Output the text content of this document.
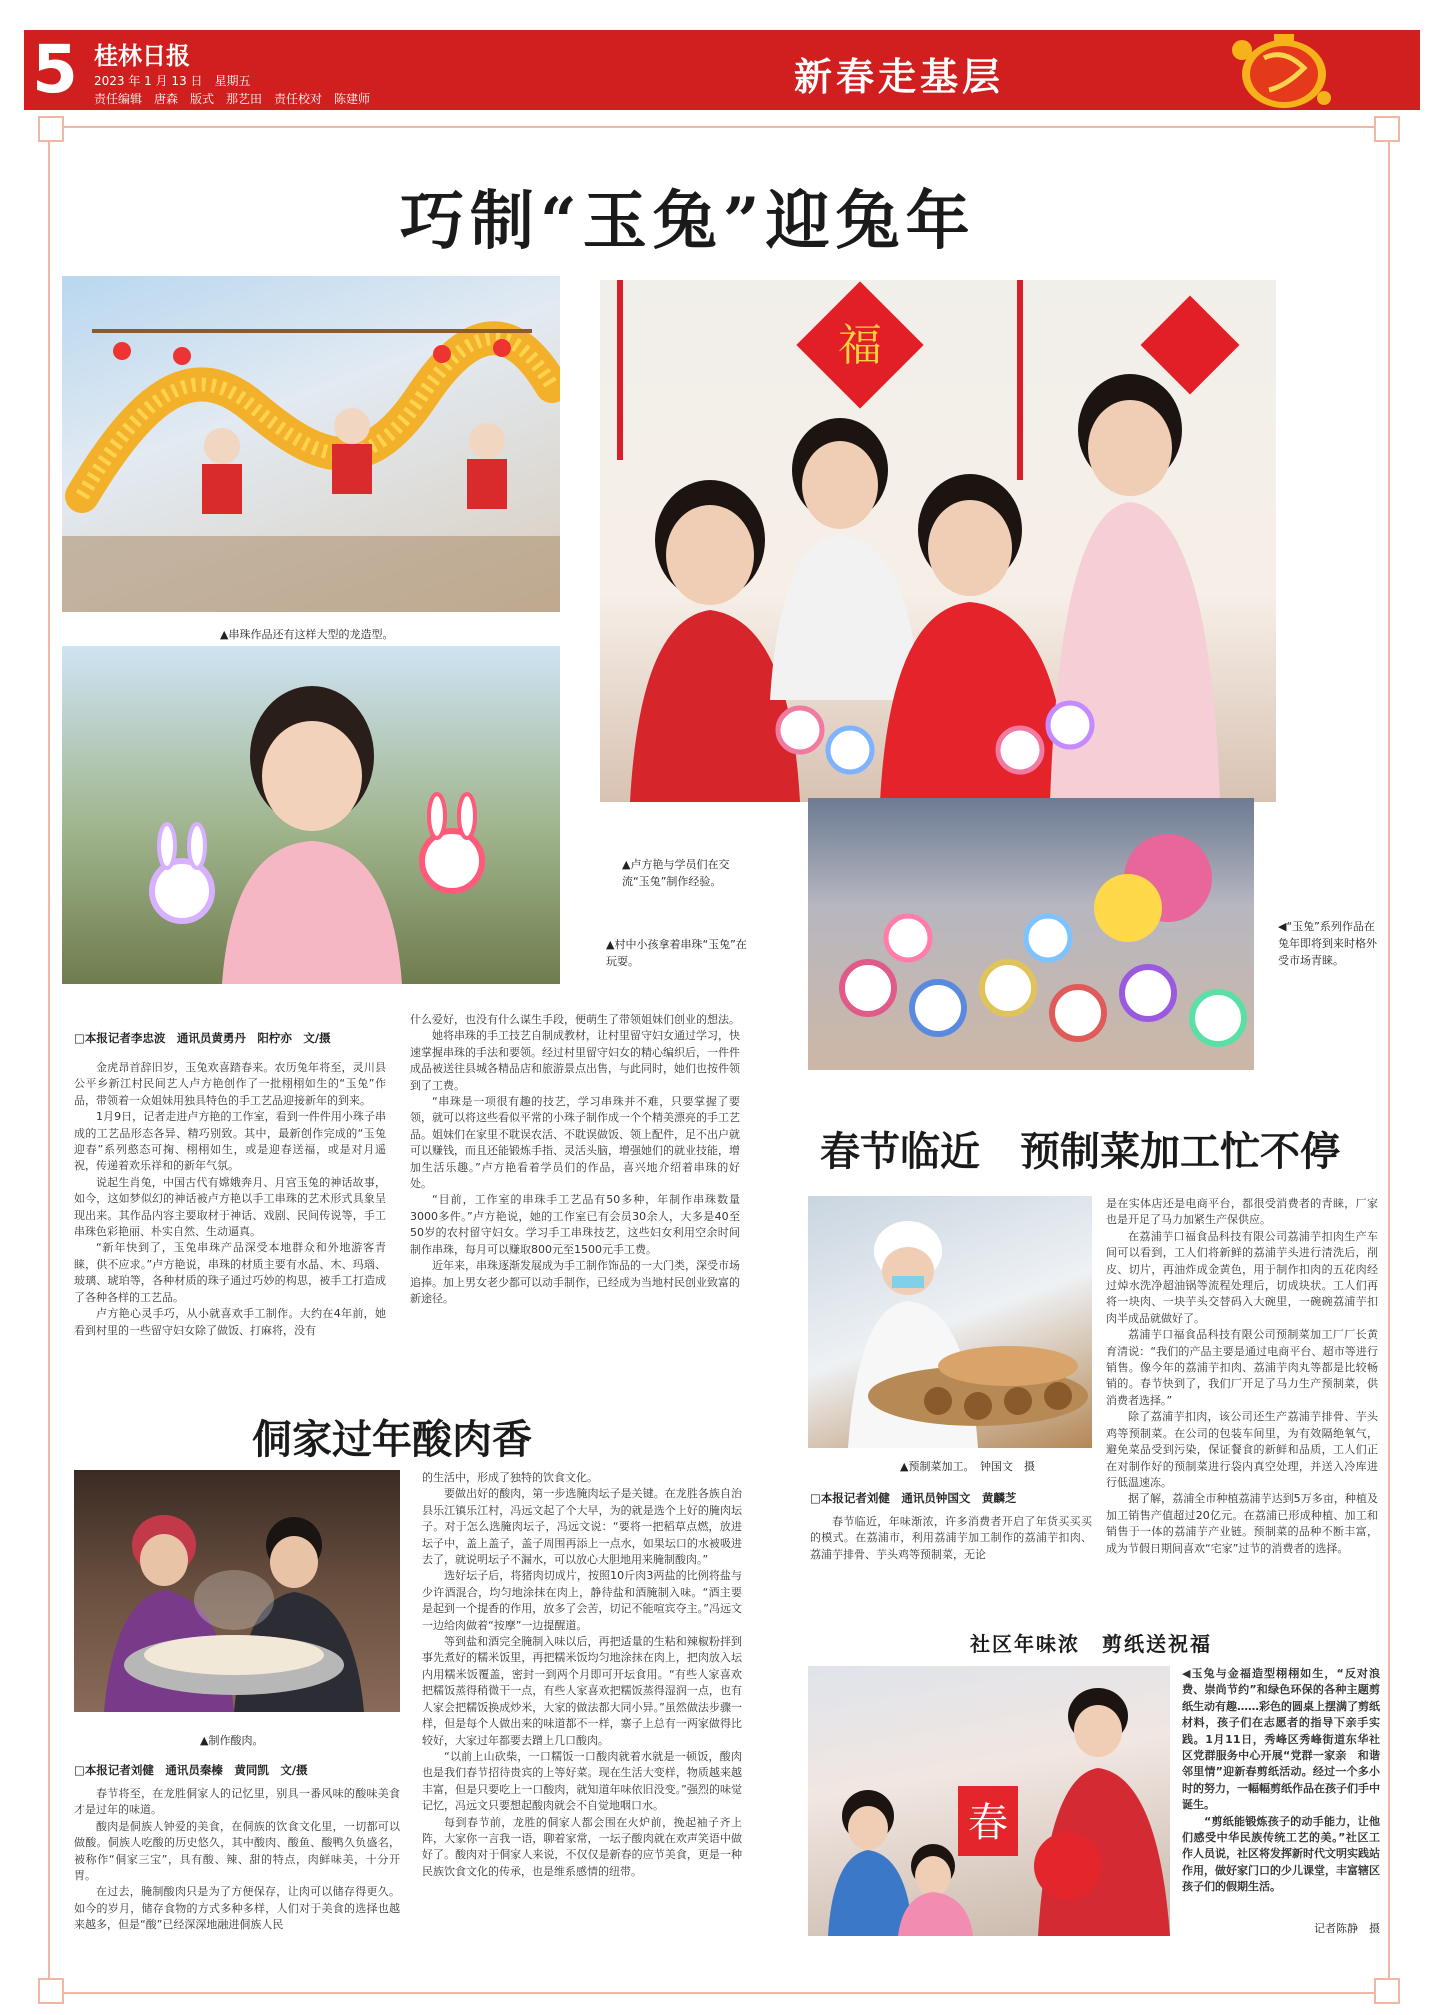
5 桂林日报
2023 年 1 月 13 日　星期五
责任编辑　唐森　版式　那艺田　责任校对　陈建师	新春走基层
巧制“玉兔”迎兔年
▲串珠作品还有这样大型的龙造型。
福
▲卢方艳与学员们在交流“玉兔”制作经验。
▲村中小孩拿着串珠“玉兔”在玩耍。
◀“玉兔”系列作品在兔年即将到来时格外受市场青睐。
□本报记者李忠波　通讯员黄勇丹　阳柠亦　文/摄

金虎昂首辞旧岁，玉兔欢喜踏春来。农历兔年将至，灵川县公平乡新江村民间艺人卢方艳创作了一批栩栩如生的“玉兔”作品，带领着一众姐妹用独具特色的手工艺品迎接新年的到来。

1月9日，记者走进卢方艳的工作室，看到一件件用小珠子串成的工艺品形态各异、精巧别致。其中，最新创作完成的“玉兔迎春”系列憨态可掬、栩栩如生，或是迎春送福，或是对月遥祝，传递着欢乐祥和的新年气氛。

说起生肖兔，中国古代有嫦娥奔月、月宫玉兔的神话故事，如今，这如梦似幻的神话被卢方艳以手工串珠的艺术形式具象呈现出来。其作品内容主要取材于神话、戏剧、民间传说等，手工串珠色彩艳丽、朴实自然、生动逼真。

“新年快到了，玉兔串珠产品深受本地群众和外地游客青睐，供不应求。”卢方艳说，串珠的材质主要有水晶、木、玛瑙、玻璃、琥珀等，各种材质的珠子通过巧妙的构思，被手工打造成了各种各样的工艺品。

卢方艳心灵手巧，从小就喜欢手工制作。大约在4年前，她看到村里的一些留守妇女除了做饭、打麻将，没有

什么爱好，也没有什么谋生手段，便萌生了带领姐妹们创业的想法。

她将串珠的手工技艺自制成教材，让村里留守妇女通过学习，快速掌握串珠的手法和要领。经过村里留守妇女的精心编织后，一件件成品被送往县城各精品店和旅游景点出售，与此同时，她们也按件领到了工费。

“串珠是一项很有趣的技艺，学习串珠并不难，只要掌握了要领，就可以将这些看似平常的小珠子制作成一个个精美漂亮的手工艺品。姐妹们在家里不耽误农活、不耽误做饭、领上配件，足不出户就可以赚钱，而且还能锻炼手指、灵活头脑，增强她们的就业技能，增加生活乐趣。”卢方艳看着学员们的作品，喜兴地介绍着串珠的好处。

“目前，工作室的串珠手工艺品有50多种，年制作串珠数量3000多件。”卢方艳说，她的工作室已有会员30余人，大多是40至50岁的农村留守妇女。学习手工串珠技艺，这些妇女利用空余时间制作串珠，每月可以赚取800元至1500元手工费。

近年来，串珠逐渐发展成为手工制作饰品的一大门类，深受市场追捧。加上男女老少都可以动手制作，已经成为当地村民创业致富的新途径。

春节临近　预制菜加工忙不停
▲预制菜加工。　钟国文　摄
□本报记者刘健　通讯员钟国文　黄麟芝

春节临近，年味渐浓，许多消费者开启了年货买买买的模式。在荔浦市，利用荔浦芋加工制作的荔浦芋扣肉、荔浦芋排骨、芋头鸡等预制菜，无论

是在实体店还是电商平台，都很受消费者的青睐，厂家也是开足了马力加紧生产保供应。

在荔浦芋口福食品科技有限公司荔浦芋扣肉生产车间可以看到，工人们将新鲜的荔浦芋头进行清洗后，削皮、切片，再油炸成金黄色，用于制作扣肉的五花肉经过焯水洗净超油锅等流程处理后，切成块状。工人们再将一块肉、一块芋头交替码入大碗里，一碗碗荔浦芋扣肉半成品就做好了。

荔浦芋口福食品科技有限公司预制菜加工厂厂长黄育清说：“我们的产品主要是通过电商平台、超市等进行销售。像今年的荔浦芋扣肉、荔浦芋肉丸等都是比较畅销的。春节快到了，我们厂开足了马力生产预制菜，供消费者选择。”

除了荔浦芋扣肉，该公司还生产荔浦芋排骨、芋头鸡等预制菜。在公司的包装车间里，为有效隔绝氧气，避免菜品受到污染，保证餐食的新鲜和品质，工人们正在对制作好的预制菜进行袋内真空处理，并送入冷库进行低温速冻。

据了解，荔浦全市种植荔浦芋达到5万多亩，种植及加工销售产值超过20亿元。在荔浦已形成种植、加工和销售于一体的荔浦芋产业链。预制菜的品种不断丰富，成为节假日期间喜欢“宅家”过节的消费者的选择。

侗家过年酸肉香
▲制作酸肉。
□本报记者刘健　通讯员秦榛　黄同凯　文/摄

春节将至，在龙胜侗家人的记忆里，别具一番风味的酸味美食才是过年的味道。

酸肉是侗族人钟爱的美食，在侗族的饮食文化里，一切都可以做酸。侗族人吃酸的历史悠久，其中酸肉、酸鱼、酸鸭久负盛名，被称作“侗家三宝”，具有酸、辣、甜的特点，肉鲜味美，十分开胃。

在过去，腌制酸肉只是为了方便保存，让肉可以储存得更久。如今的岁月，储存食物的方式多种多样，人们对于美食的选择也越来越多，但是“酸”已经深深地融进侗族人民

的生活中，形成了独特的饮食文化。

要做出好的酸肉，第一步选腌肉坛子是关键。在龙胜各族自治县乐江镇乐江村，冯远文起了个大早，为的就是选个上好的腌肉坛子。对于怎么选腌肉坛子，冯远文说：“要将一把稻草点燃，放进坛子中，盖上盖子，盖子周围再添上一点水，如果坛口的水被吸进去了，就说明坛子不漏水，可以放心大胆地用来腌制酸肉。”

选好坛子后，将猪肉切成片，按照10斤肉3两盐的比例将盐与少许酒混合，均匀地涂抹在肉上，静待盐和酒腌制入味。“酒主要是起到一个提香的作用，放多了会苦，切记不能喧宾夺主。”冯远文一边给肉做着“按摩”一边提醒道。

等到盐和酒完全腌制入味以后，再把适量的生粘和辣椒粉拌到事先煮好的糯米饭里，再把糯米饭均匀地涂抹在肉上，把肉放入坛内用糯米饭覆盖，密封一到两个月即可开坛食用。“有些人家喜欢把糯饭蒸得稍微干一点，有些人家喜欢把糯饭蒸得湿润一点，也有人家会把糯饭换成炒米，大家的做法都大同小异。”虽然做法步骤一样，但是每个人做出来的味道都不一样，寨子上总有一两家做得比较好，大家过年都要去蹭上几口酸肉。

“以前上山砍柴，一口糯饭一口酸肉就着水就是一顿饭，酸肉也是我们春节招待贵宾的上等好菜。现在生活大变样，物质越来越丰富，但是只要吃上一口酸肉，就知道年味依旧没变。”强烈的味觉记忆，冯远文只要想起酸肉就会不自觉地咽口水。

每到春节前，龙胜的侗家人都会围在火炉前，挽起袖子齐上阵，大家你一言我一语，聊着家常，一坛子酸肉就在欢声笑语中做好了。酸肉对于侗家人来说，不仅仅是新春的应节美食，更是一种民族饮食文化的传承，也是维系感情的纽带。

社区年味浓　剪纸送祝福
春

◀玉兔与金福造型栩栩如生，“反对浪费、崇尚节约”和绿色环保的各种主题剪纸生动有趣……彩色的圆桌上摆满了剪纸材料，孩子们在志愿者的指导下亲手实践。1月11日，秀峰区秀峰街道东华社区党群服务中心开展“党群一家亲　和谐邻里情”迎新春剪纸活动。经过一个多小时的努力，一幅幅剪纸作品在孩子们手中诞生。

“剪纸能锻炼孩子的动手能力，让他们感受中华民族传统工艺的美。”社区工作人员说，社区将发挥新时代文明实践站作用，做好家门口的少儿课堂，丰富辖区孩子们的假期生活。

记者陈静　摄
